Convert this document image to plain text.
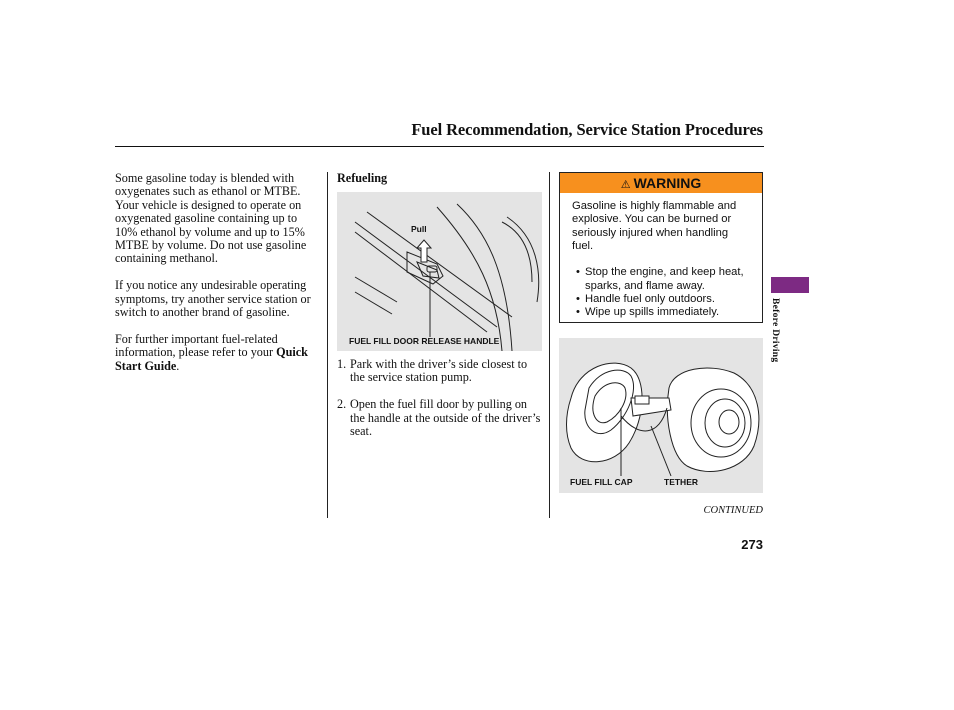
Fuel Recommendation, Service Station Procedures

Some gasoline today is blended with oxygenates such as ethanol or MTBE. Your vehicle is designed to operate on oxygenated gasoline containing up to 10% ethanol by volume and up to 15% MTBE by volume. Do not use gasoline containing methanol.

If you notice any undesirable operating symptoms, try another service station or switch to another brand of gasoline.

For further important fuel-related information, please refer to your Quick Start Guide.

Refueling
Pull
FUEL FILL DOOR RELEASE HANDLE
1. Park with the driver’s side closest to the service station pump.
2. Open the fuel fill door by pulling on the handle at the outside of the driver’s seat.
⚠ WARNING

Gasoline is highly flammable and explosive. You can be burned or seriously injured when handling fuel.

• Stop the engine, and keep heat, sparks, and flame away.
• Handle fuel only outdoors.
• Wipe up spills immediately.
FUEL FILL CAP	TETHER
Before Driving
CONTINUED
273
